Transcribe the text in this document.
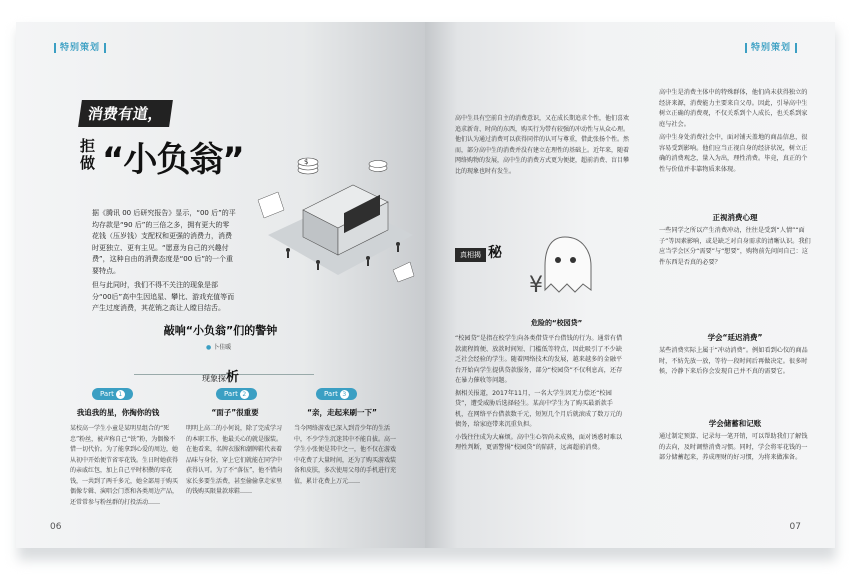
特别策划
消费有道，
拒做 “小负翁”	$

据《腾讯 00 后研究报告》显示，“00 后”的平均存款是“90 后”的三倍之多，拥有更大的零花钱（压岁钱）支配权和更强的消费力，消费时更独立、更有主见。“愿意为自己的兴趣付费”，这种自由的消费态度是“00 后”的一个重要特点。

但与此同时，我们不得不关注的现象是部分“00后”高中生因追星、攀比、游戏充值等而产生过度消费，其花销之高让人瞠目结舌。

敲响“小负翁”们的警钟
● 卜佳暖
现象探析
Part 1	Part 2	Part 3
我追我的星，你掏你的钱	“面子”很重要	“亲，走起来刷一下”
某校高一学生小童是某明星组合的“死忠”粉丝，被声称自己“铁”粉，为偶像不惜一切代价。为了能拿到心爱的周边，她从初中开始便节省零花钱。生日时她获得的亲戚红包，加上自己平时积攒的零花钱，一共到了两千多元，她全部用于购买偶像专辑、演唱会门票和各类周边产品，还常常参与粉丝群的打投活动……
明明上高二的小何说，除了完成学习的本职工作，他最关心的就是服装。在他看来，名牌衣服和潮牌鞋代表着品味与身份，穿上它们就能在同学中获得认可。为了不“落伍”，他不惜向家长多要生活费，甚至偷偷拿走家里的钱购买限量款球鞋……
当今网络游戏已深入到青少年的生活中，不少学生沉迷其中不能自拔。高一学生小张便是其中之一，他不仅在游戏中花费了大量时间，还为了购买游戏装备和皮肤，多次使用父母的手机进行充值，累计花费上万元……
06
特别策划
高中生具有空前自主的消费意识，又在成长期追求个性，他们喜欢追求新奇、时尚的东西，购买行为带有较强的冲动性与从众心理。他们认为通过消费可以获得同伴的认可与尊重，借此张扬个性。然而，部分高中生的消费并没有建立在理性的基础上。近年来，随着网络购物的发展，高中生的消费方式更为便捷，超前消费、盲目攀比的现象也时有发生。
真相揭 秘
¥
危险的“校园贷”

“校园贷”是指在校学生向各类借贷平台借钱的行为。通常有借款流程简便、放款时间短、门槛低等特点，因此吸引了不少缺乏社会经验的学生。随着网络技术的发展，越来越多的金融平台开始向学生提供贷款服务，部分“校园贷”不仅利息高，还存在暴力催收等问题。

据相关报道，2017年11月，一名大学生因无力偿还“校园贷”，遭受威胁后选择轻生。某高中学生为了购买最新款手机，在网络平台借款数千元，短短几个月后就滚成了数万元的债务，给家庭带来沉重负担。

小钱往往成为大麻烦。高中生心智尚未成熟，面对诱惑时难以理性判断，更需警惕“校园贷”的陷阱，远离超前消费。

高中生是消费主体中的特殊群体，他们尚未获得独立的经济来源，消费能力主要来自父母。因此，引导高中生树立正确的消费观，不仅关系到个人成长，也关系到家庭与社会。

高中生身处消费社会中，面对铺天盖地的商品信息，很容易受到影响。他们应当正视自身的经济状况，树立正确的消费观念，量入为出，理性消费。毕竟，真正的个性与价值并非靠物质来体现。

正视消费心理
一些同学之所以产生消费冲动，往往是受到“人情”“面子”等因素影响，或是缺乏对自身需求的清晰认识。我们应当学会区分“需要”与“想要”，购物前先问问自己：这件东西是否真的必要？
学会“延迟消费”
某些消费实际上属于“冲动消费”。例如看到心仪的商品时，不妨先放一放，等待一段时间后再做决定。很多时候，冷静下来后你会发现自己并不真的需要它。
学会储蓄和记账
通过制定预算、记录每一笔开销，可以帮助我们了解钱的去向，及时调整消费习惯。同时，学会将零花钱的一部分储蓄起来，养成理财的好习惯，为将来做准备。
07
